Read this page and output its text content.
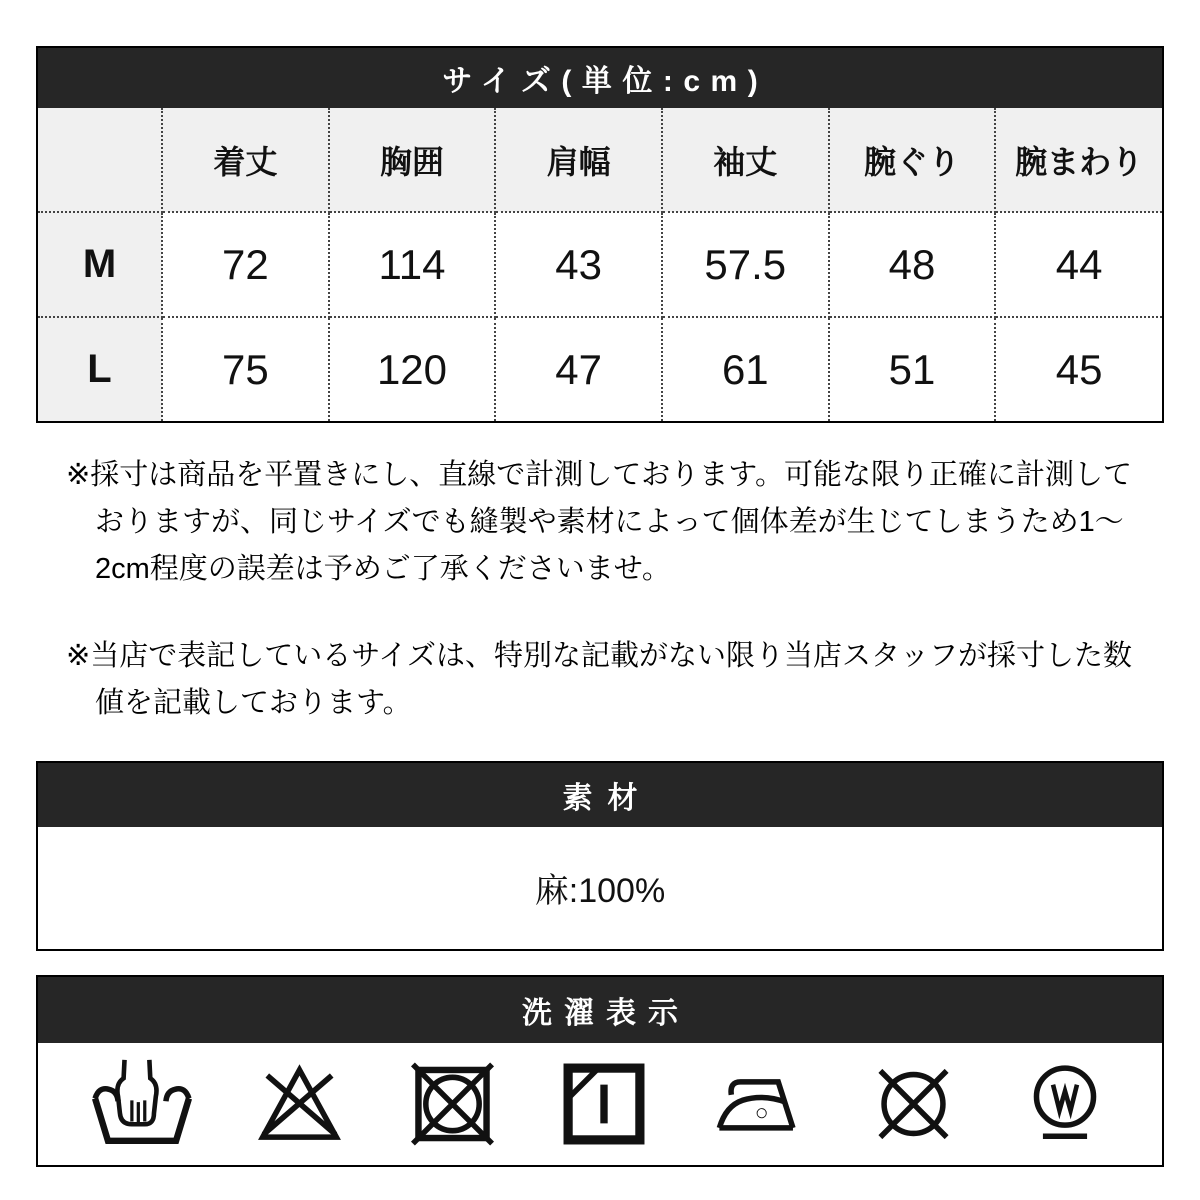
サイズ(単位:cm)
	着丈	胸囲	肩幅	袖丈	腕ぐり	腕まわり
M	72	114	43	57.5	48	44
L	75	120	47	61	51	45

※採寸は商品を平置きにし、直線で計測しております。可能な限り正確に計測しておりますが、同じサイズでも縫製や素材によって個体差が生じてしまうため1〜2cm程度の誤差は予めご了承くださいませ。

※当店で表記しているサイズは、特別な記載がない限り当店スタッフが採寸した数値を記載しております。

素材
麻:100%
洗濯表示
